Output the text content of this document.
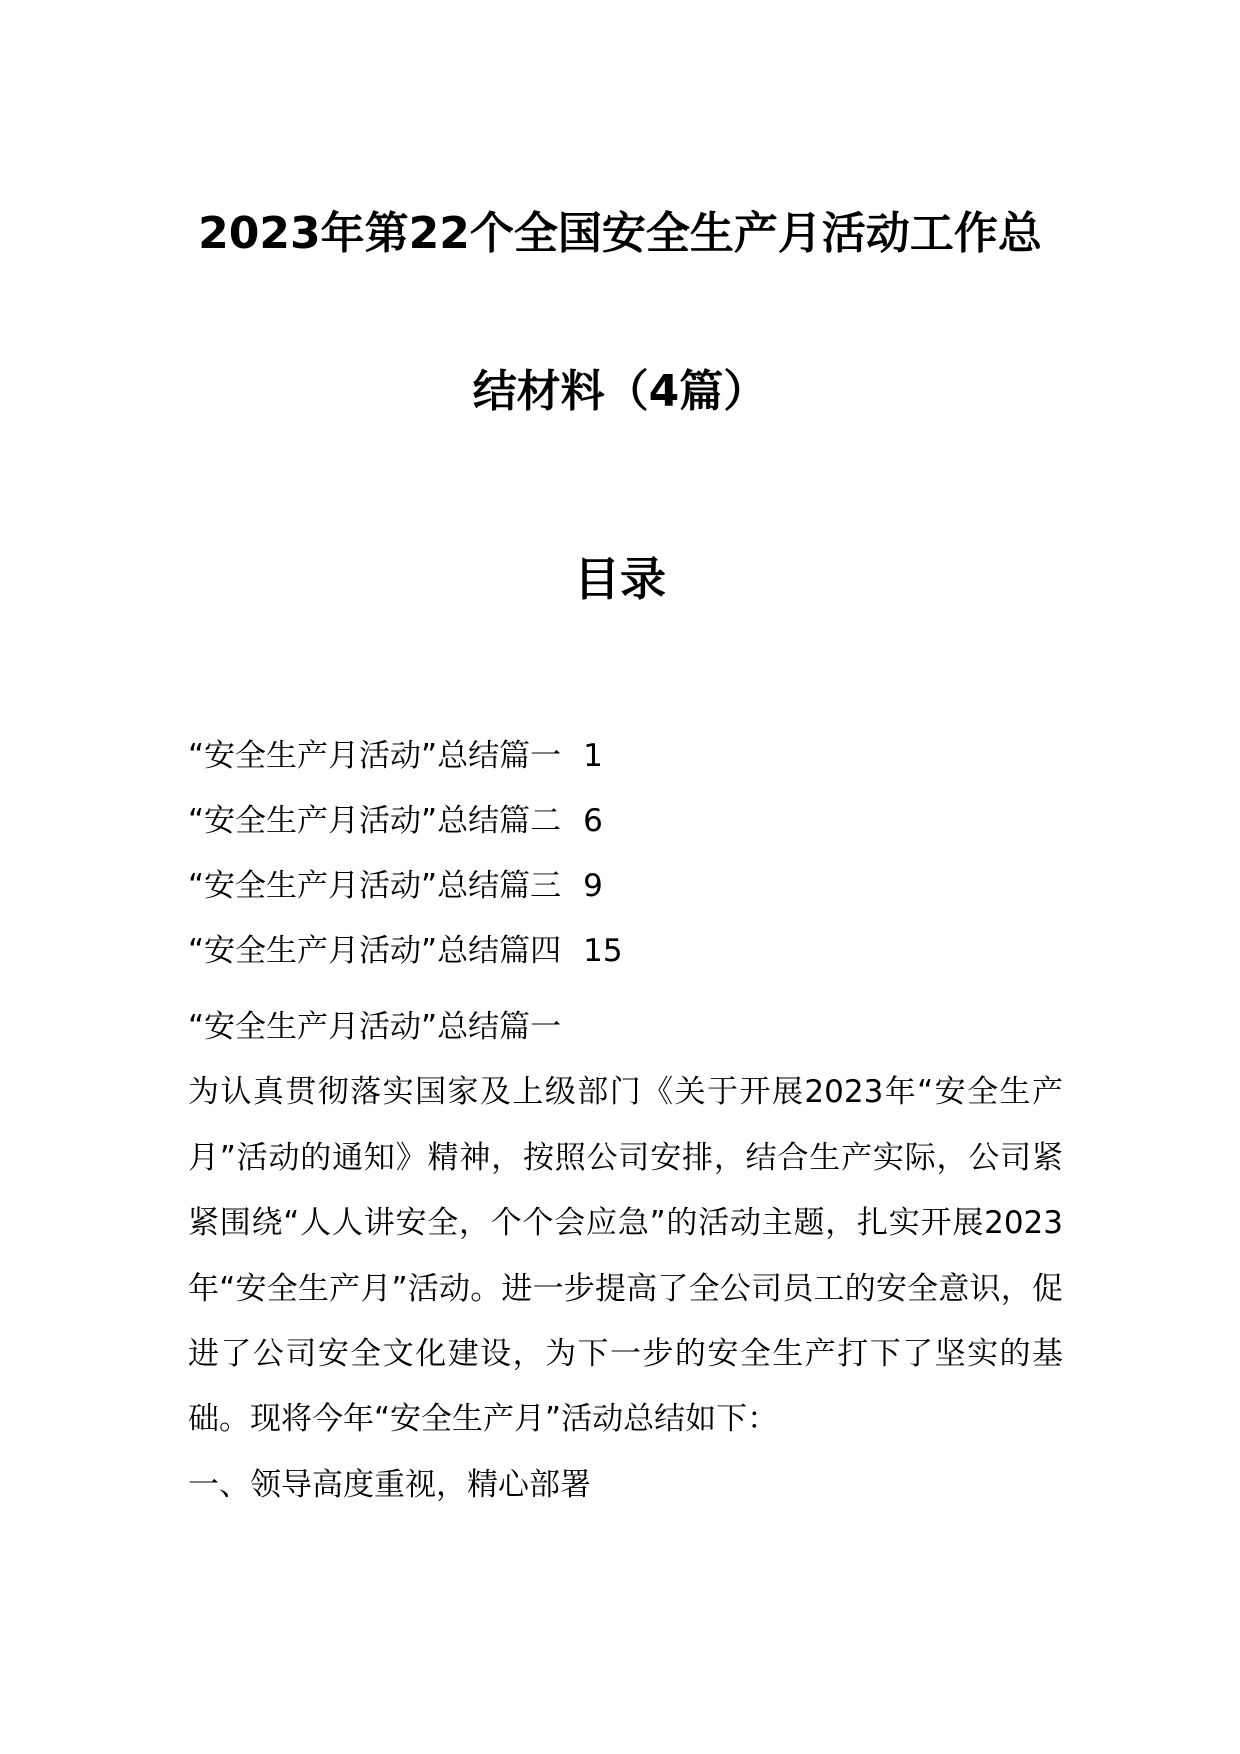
2023年第22个全国安全生产月活动工作总
结材料（4篇）
目录
“安全生产月活动”总结篇一 1
“安全生产月活动”总结篇二 6
“安全生产月活动”总结篇三 9
“安全生产月活动”总结篇四 15

“安全生产月活动”总结篇一

为认真贯彻落实国家及上级部门《关于开展2023年“安全生产月”活动的通知》精神，按照公司安排，结合生产实际，公司紧紧围绕“人人讲安全，个个会应急”的活动主题，扎实开展2023年“安全生产月”活动。进一步提高了全公司员工的安全意识，促进了公司安全文化建设，为下一步的安全生产打下了坚实的基础。现将今年“安全生产月”活动总结如下：

一、领导高度重视，精心部署
